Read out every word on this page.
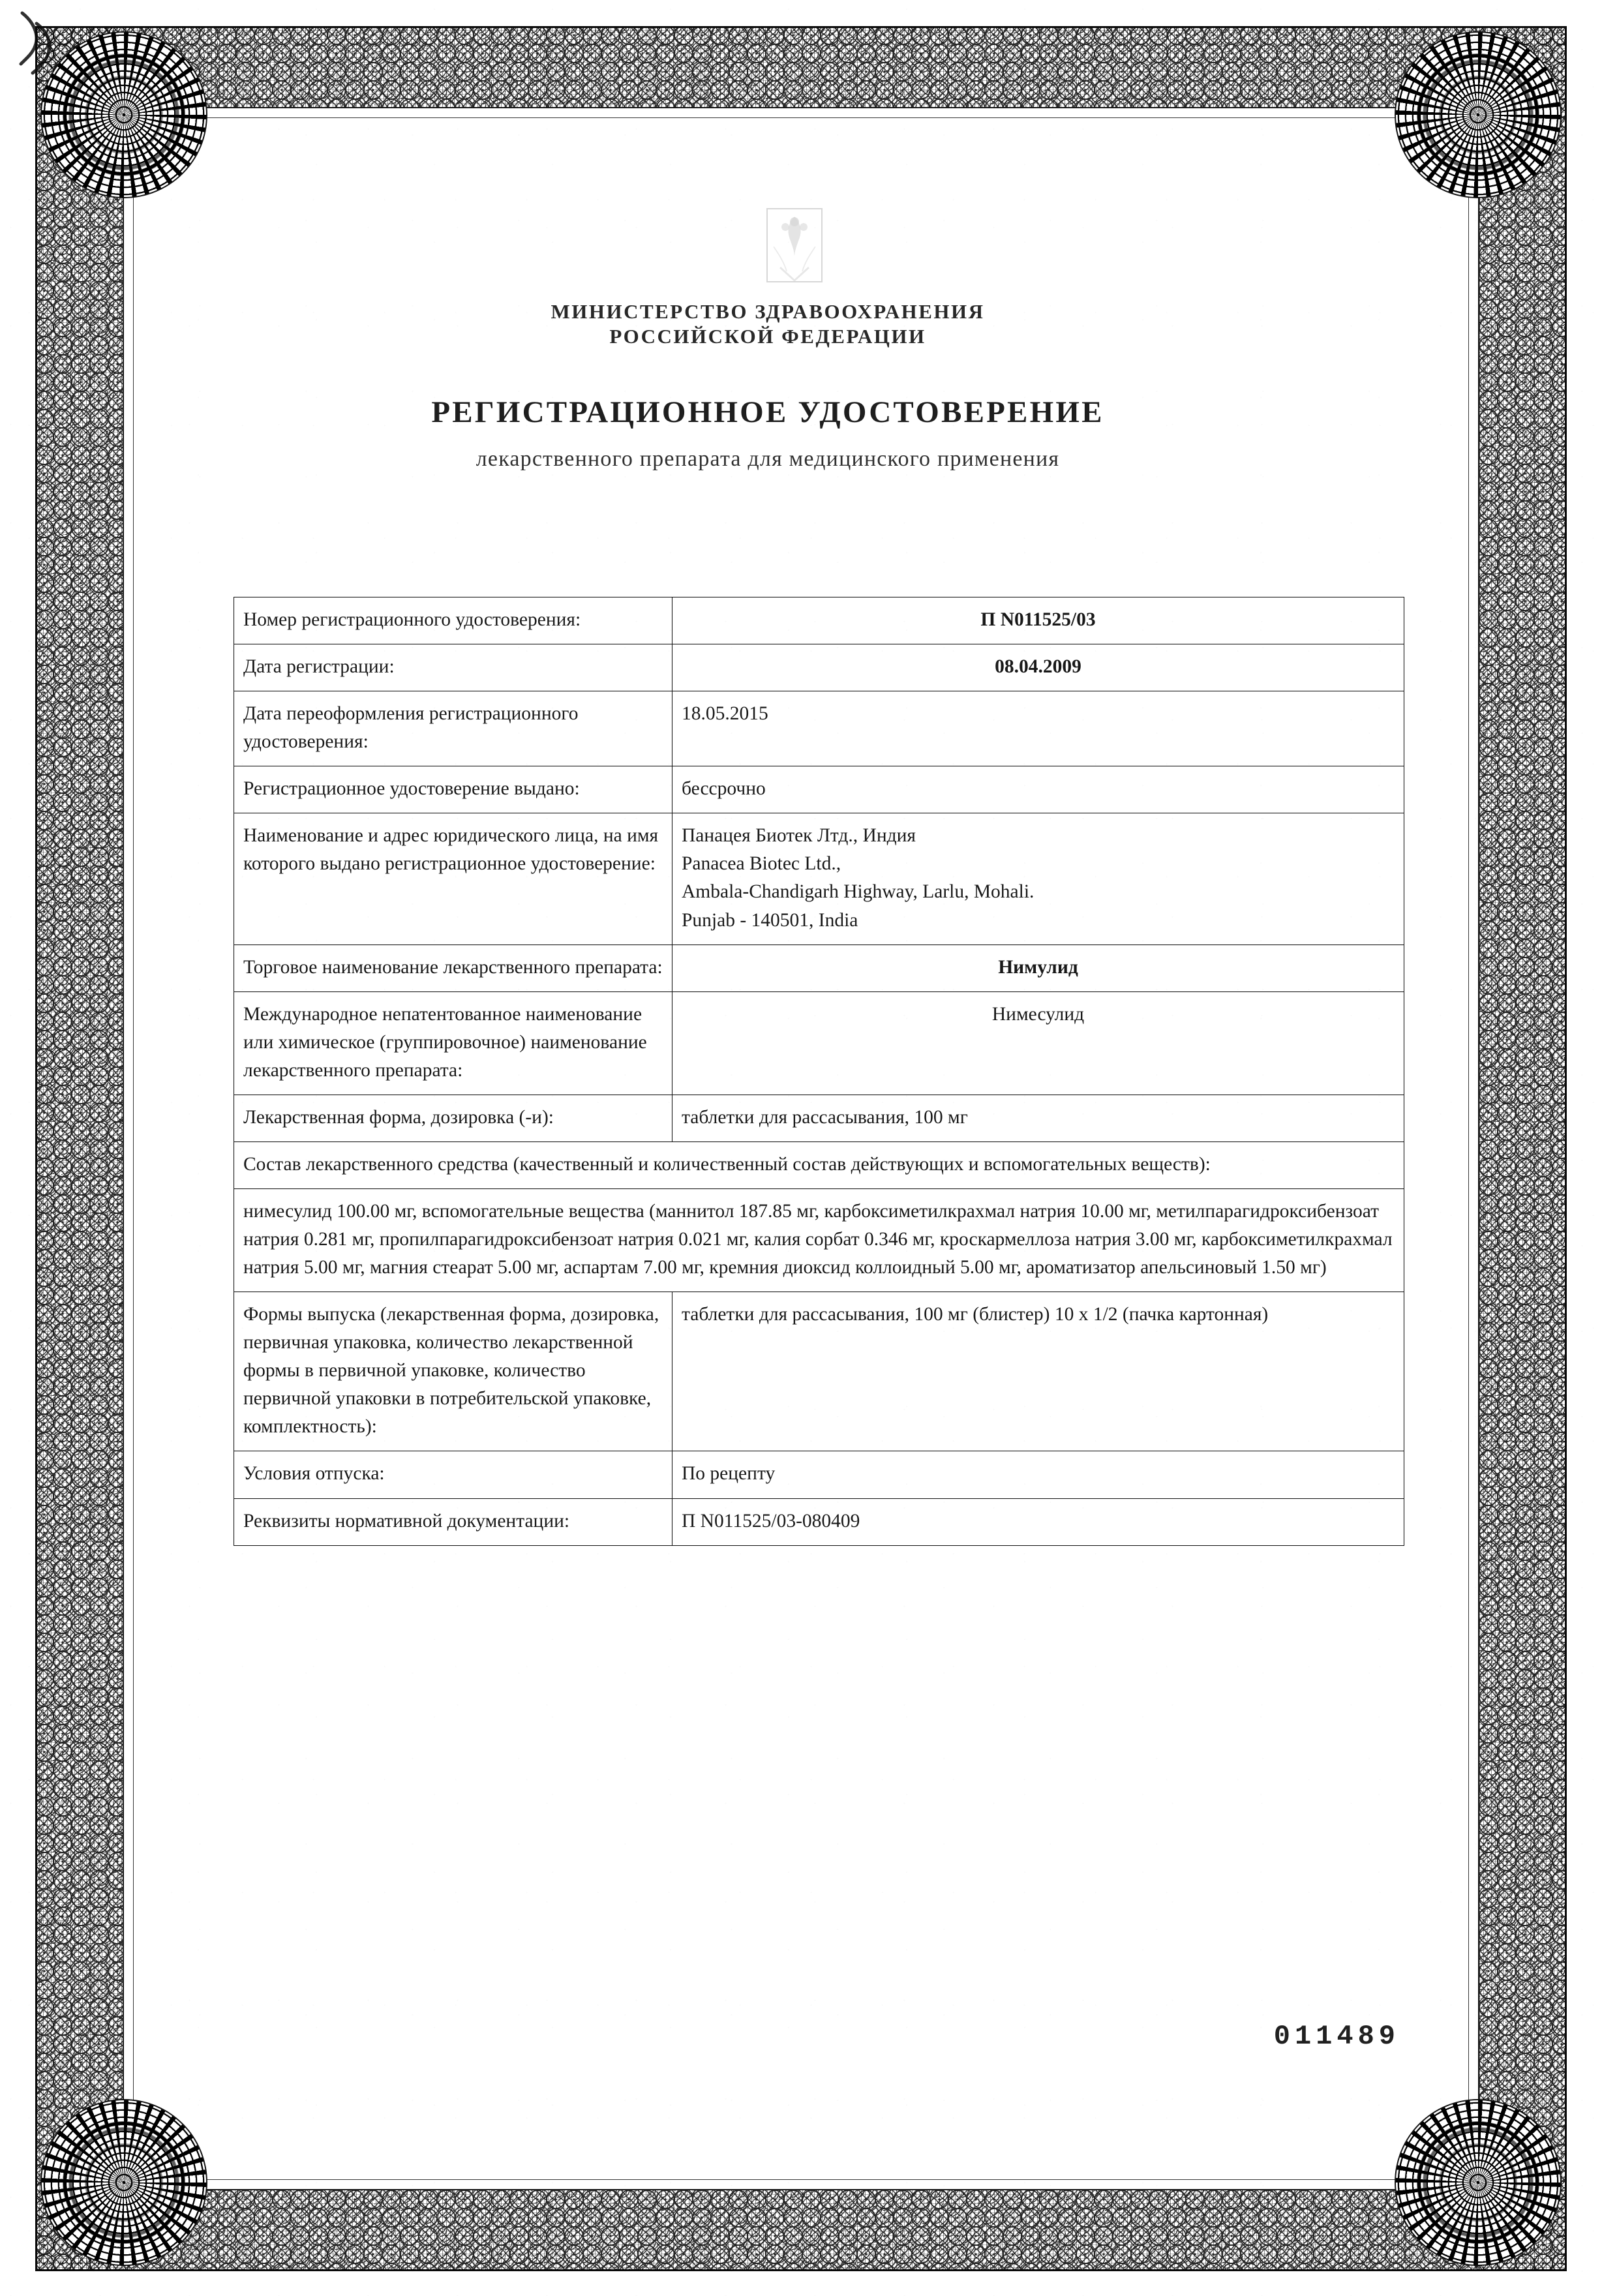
МИНИСТЕРСТВО ЗДРАВООХРАНЕНИЯ
РОССИЙСКОЙ ФЕДЕРАЦИИ
РЕГИСТРАЦИОННОЕ УДОСТОВЕРЕНИЕ
лекарственного препарата для медицинского применения
Номер регистрационного удостоверения:	П N011525/03
Дата регистрации:	08.04.2009
Дата переоформления регистрационного удостоверения:	18.05.2015
Регистрационное удостоверение выдано:	бессрочно
Наименование и адрес юридического лица, на имя которого выдано регистрационное удостоверение:	Панацея Биотек Лтд., Индия
Panacea Biotec Ltd.,
Ambala-Chandigarh Highway, Larlu, Mohali.
Punjab - 140501, India
Торговое наименование лекарственного препарата:	Нимулид
Международное непатентованное наименование или химическое (группировочное) наименование лекарственного препарата:	Нимесулид
Лекарственная форма, дозировка (-и):	таблетки для рассасывания, 100 мг
Состав лекарственного средства (качественный и количественный состав действующих и вспомогательных веществ):	
нимесулид 100.00 мг, вспомогательные вещества (маннитол 187.85 мг, карбоксиметилкрахмал натрия 10.00 мг, метилпарагидроксибензоат натрия 0.281 мг, пропилпарагидроксибензоат натрия 0.021 мг, калия сорбат 0.346 мг, кроскармеллоза натрия 3.00 мг, карбоксиметилкрахмал натрия 5.00 мг, магния стеарат 5.00 мг, аспартам 7.00 мг, кремния диоксид коллоидный 5.00 мг, ароматизатор апельсиновый 1.50 мг)	
Формы выпуска (лекарственная форма, дозировка, первичная упаковка, количество лекарственной формы в первичной упаковке, количество первичной упаковки в потребительской упаковке, комплектность):	таблетки для рассасывания, 100 мг (блистер) 10 x 1/2 (пачка картонная)
Условия отпуска:	По рецепту
Реквизиты нормативной документации:	П N011525/03-080409
011489
